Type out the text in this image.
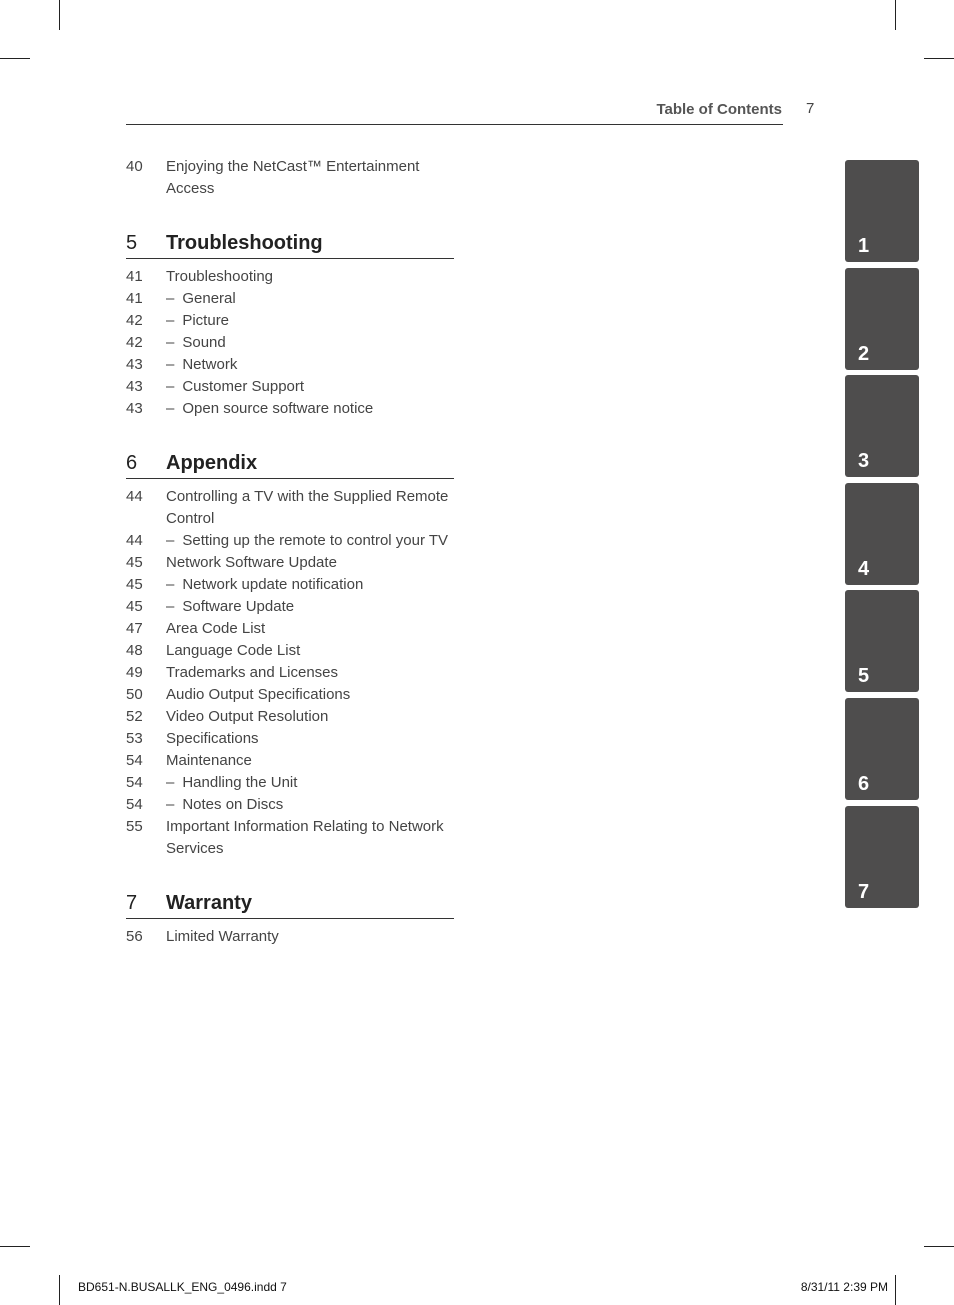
Table of Contents 7
40	Enjoying the NetCast™ Entertainment Access
5	Troubleshooting
41	Troubleshooting
41	– General
42	– Picture
42	– Sound
43	– Network
43	– Customer Support
43	– Open source software notice
6	Appendix
44	Controlling a TV with the Supplied Remote Control
44	– Setting up the remote to control your TV
45	Network Software Update
45	– Network update notification
45	– Software Update
47	Area Code List
48	Language Code List
49	Trademarks and Licenses
50	Audio Output Specifications
52	Video Output Resolution
53	Specifications
54	Maintenance
54	– Handling the Unit
54	– Notes on Discs
55	Important Information Relating to Network Services
7	Warranty
56	Limited Warranty
1
2
3
4
5
6
7
BD651-N.BUSALLK_ENG_0496.indd 7	8/31/11 2:39 PM
